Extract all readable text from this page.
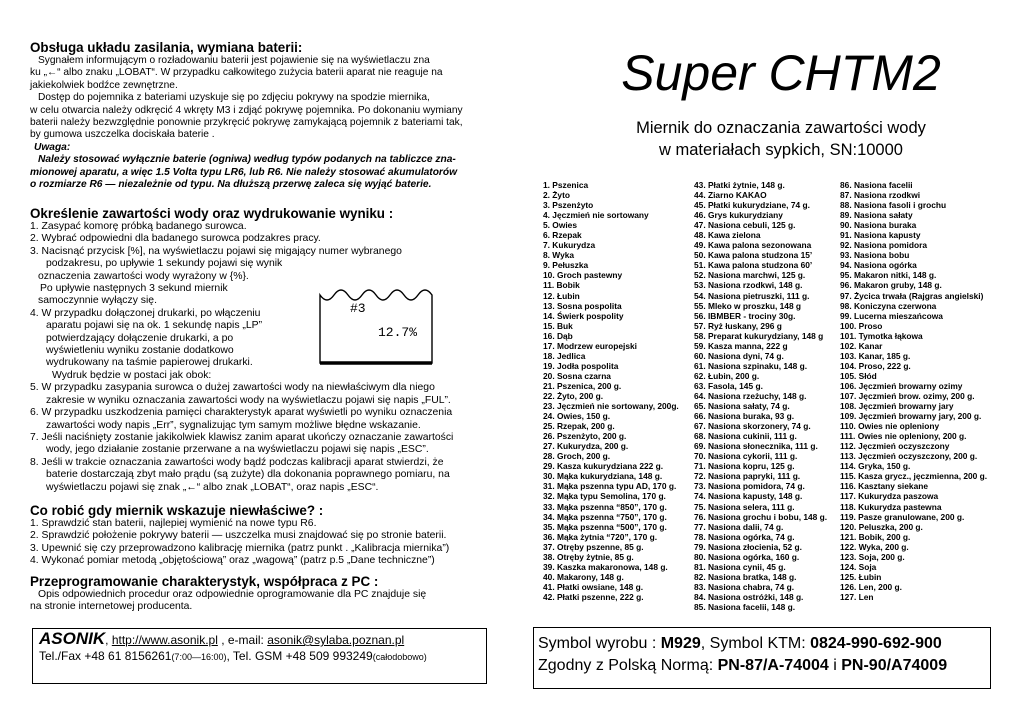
Obsługa układu zasilania, wymiana baterii:
Sygnałem informującym o rozładowaniu baterii jest pojawienie się na wyświetlaczu zna
ku „←“ albo znaku „LOBAT“. W przypadku całkowitego zużycia baterii aparat nie reaguje na
jakiekolwiek bodźce zewnętrzne.
Dostęp do pojemnika z bateriami uzyskuje się po zdjęciu pokrywy na spodzie miernika,
w celu otwarcia należy odkręcić 4 wkręty M3 i zdjąć pokrywę pojemnika. Po dokonaniu wymiany
baterii należy bezwzględnie ponownie przykręcić pokrywę zamykającą pojemnik z bateriami tak,
by gumowa uszczelka dociskała baterie .
Uwaga:
Należy stosować wyłącznie baterie (ogniwa) według typów podanych na tabliczce zna-
mionowej aparatu, a więc 1.5 Volta typu LR6, lub R6. Nie należy stosować akumulatorów
o rozmiarze R6 — niezależnie od typu. Na dłuższą przerwę zaleca się wyjąć baterie.
Określenie zawartości wody oraz wydrukowanie wyniku :
1. Zasypać komorę próbką badanego surowca.
2. Wybrać odpowiedni dla badanego surowca podzakres pracy.
3. Nacisnąć przycisk [%], na wyświetlaczu pojawi się migający numer wybranego
podzakresu, po upływie 1 sekundy pojawi się wynik
oznaczenia zawartości wody wyrażony w {%}.
Po upływie następnych 3 sekund miernik
samoczynnie wyłączy się.
4. W przypadku dołączonej drukarki, po włączeniu
aparatu pojawi się na ok. 1 sekundę napis „LP”
potwierdzający dołączenie drukarki, a po
wyświetleniu wyniku zostanie dodatkowo
wydrukowany na taśmie papierowej drukarki.
Wydruk będzie w postaci jak obok:
5. W przypadku zasypania surowca o dużej zawartości wody na niewłaściwym dla niego
zakresie w wyniku oznaczania zawartości wody na wyświetlaczu pojawi się napis „FUL”.
6. W przypadku uszkodzenia pamięci charakterystyk aparat wyświetli po wyniku oznaczenia
zawartości wody napis „Err”, sygnalizując tym samym możliwe błędne wskazanie.
7. Jeśli naciśnięty zostanie jakikolwiek klawisz zanim aparat ukończy oznaczanie zawartości
wody, jego działanie zostanie przerwane a na wyświetlaczu pojawi się napis „ESC”.
8. Jeśli w trakcie oznaczania zawartości wody bądź podczas kalibracji aparat stwierdzi, że
baterie dostarczają zbyt mało prądu (są zużyte) dla dokonania poprawnego pomiaru, na
wyświetlaczu pojawi się znak „←“ albo znak „LOBAT“, oraz napis „ESC“.
#3
12.7%
Co robić gdy miernik wskazuje niewłaściwe? :
1. Sprawdzić stan baterii, najlepiej wymienić na nowe typu R6.
2. Sprawdzić położenie pokrywy baterii — uszczelka musi znajdować się po stronie baterii.
3. Upewnić się czy przeprowadzono kalibrację miernika (patrz punkt . „Kalibracja miernika”)
4. Wykonać pomiar metodą „objętościową” oraz „wagową” (patrz p.5 „Dane techniczne”)
Przeprogramowanie charakterystyk, współpraca z PC :
Opis odpowiednich procedur oraz odpowiednie oprogramowanie dla PC znajduje się
na stronie internetowej producenta.
ASONIK, http://www.asonik.pl , e-mail: asonik@sylaba.poznan.pl
Tel./Fax +48 61 8156261(7:00—16:00), Tel. GSM +48 509 993249(całodobowo)
Super CHTM2
Miernik do oznaczania zawartości wody
w materiałach sypkich, SN:10000
1. Pszenica
2. Żyto
3. Pszenżyto
4. Jęczmień nie sortowany
5. Owies
6. Rzepak
7. Kukurydza
8. Wyka
9. Pełuszka
10. Groch pastewny
11. Bobik
12. Łubin
13. Sosna pospolita
14. Świerk pospolity
15. Buk
16. Dąb
17. Modrzew europejski
18. Jedlica
19. Jodła pospolita
20. Sosna czarna
21. Pszenica, 200 g.
22. Żyto, 200 g.
23. Jęczmień nie sortowany, 200g.
24. Owies, 150 g.
25. Rzepak, 200 g.
26. Pszenżyto, 200 g.
27. Kukurydza, 200 g.
28. Groch, 200 g.
29. Kasza kukurydziana 222 g.
30. Mąka kukurydziana, 148 g.
31. Mąka pszenna typu AD, 170 g.
32. Mąka typu Semolina, 170 g.
33. Mąka pszenna “850”, 170 g.
34. Mąka pszenna “750”, 170 g.
35. Mąka pszenna “500”, 170 g.
36. Mąka żytnia “720”, 170 g.
37. Otręby pszenne, 85 g.
38. Otręby żytnie, 85 g.
39. Kaszka makaronowa, 148 g.
40. Makarony, 148 g.
41. Płatki owsiane, 148 g.
42. Płatki pszenne, 222 g.
43. Płatki żytnie, 148 g.
44. Ziarno KAKAO
45. Płatki kukurydziane, 74 g.
46. Grys kukurydziany
47. Nasiona cebuli, 125 g.
48. Kawa zielona
49. Kawa palona sezonowana
50. Kawa palona studzona 15’
51. Kawa palona studzona 60’
52. Nasiona marchwi, 125 g.
53. Nasiona rzodkwi, 148 g.
54. Nasiona pietruszki, 111 g.
55. Mleko w proszku, 148 g
56. IBMBER - trociny 30g.
57. Ryż łuskany, 296 g
58. Preparat kukurydziany, 148 g
59. Kasza manna, 222 g
60. Nasiona dyni, 74 g.
61. Nasiona szpinaku, 148 g.
62. Łubin, 200 g.
63. Fasola, 145 g.
64. Nasiona rzeżuchy, 148 g.
65. Nasiona sałaty, 74 g.
66. Nasiona buraka, 93 g.
67. Nasiona skorzonery, 74 g.
68. Nasiona cukinii, 111 g.
69. Nasiona słonecznika, 111 g.
70. Nasiona cykorii, 111 g.
71. Nasiona kopru, 125 g.
72. Nasiona papryki, 111 g.
73. Nasiona pomidora, 74 g.
74. Nasiona kapusty, 148 g.
75. Nasiona selera, 111 g.
76. Nasiona grochu i bobu, 148 g.
77. Nasiona dalii, 74 g.
78. Nasiona ogórka, 74 g.
79. Nasiona złocienia, 52 g.
80. Nasiona ogórka, 160 g.
81. Nasiona cynii, 45 g.
82. Nasiona bratka, 148 g.
83. Nasiona chabra, 74 g.
84. Nasiona ostróżki, 148 g.
85. Nasiona facelii, 148 g.
86. Nasiona facelii
87. Nasiona rzodkwi
88. Nasiona fasoli i grochu
89. Nasiona sałaty
90. Nasiona buraka
91. Nasiona kapusty
92. Nasiona pomidora
93. Nasiona bobu
94. Nasiona ogórka
95. Makaron nitki, 148 g.
96. Makaron gruby, 148 g.
97. Życica trwała (Rajgras angielski)
98. Koniczyna czerwona
99. Lucerna mieszańcowa
100. Proso
101. Tymotka łąkowa
102. Kanar
103. Kanar, 185 g.
104. Proso, 222 g.
105. Słód
106. Jęczmień browarny ozimy
107. Jęczmień brow. ozimy, 200 g.
108. Jęczmień browarny jary
109. Jęczmień browarny jary, 200 g.
110. Owies nie opleniony
111. Owies nie opleniony, 200 g.
112. Jęczmień oczyszczony
113. Jęczmień oczyszczony, 200 g.
114. Gryka, 150 g.
115. Kasza grycz., jęczmienna, 200 g.
116. Kasztany siekane
117. Kukurydza paszowa
118. Kukurydza pastewna
119. Pasze granulowane, 200 g.
120. Peluszka, 200 g.
121. Bobik, 200 g.
122. Wyka, 200 g.
123. Soja, 200 g.
124. Soja
125. Łubin
126. Len, 200 g.
127. Len
Symbol wyrobu : M929, Symbol KTM: 0824-990-692-900
Zgodny z Polską Normą: PN-87/A-74004 i PN-90/A74009
